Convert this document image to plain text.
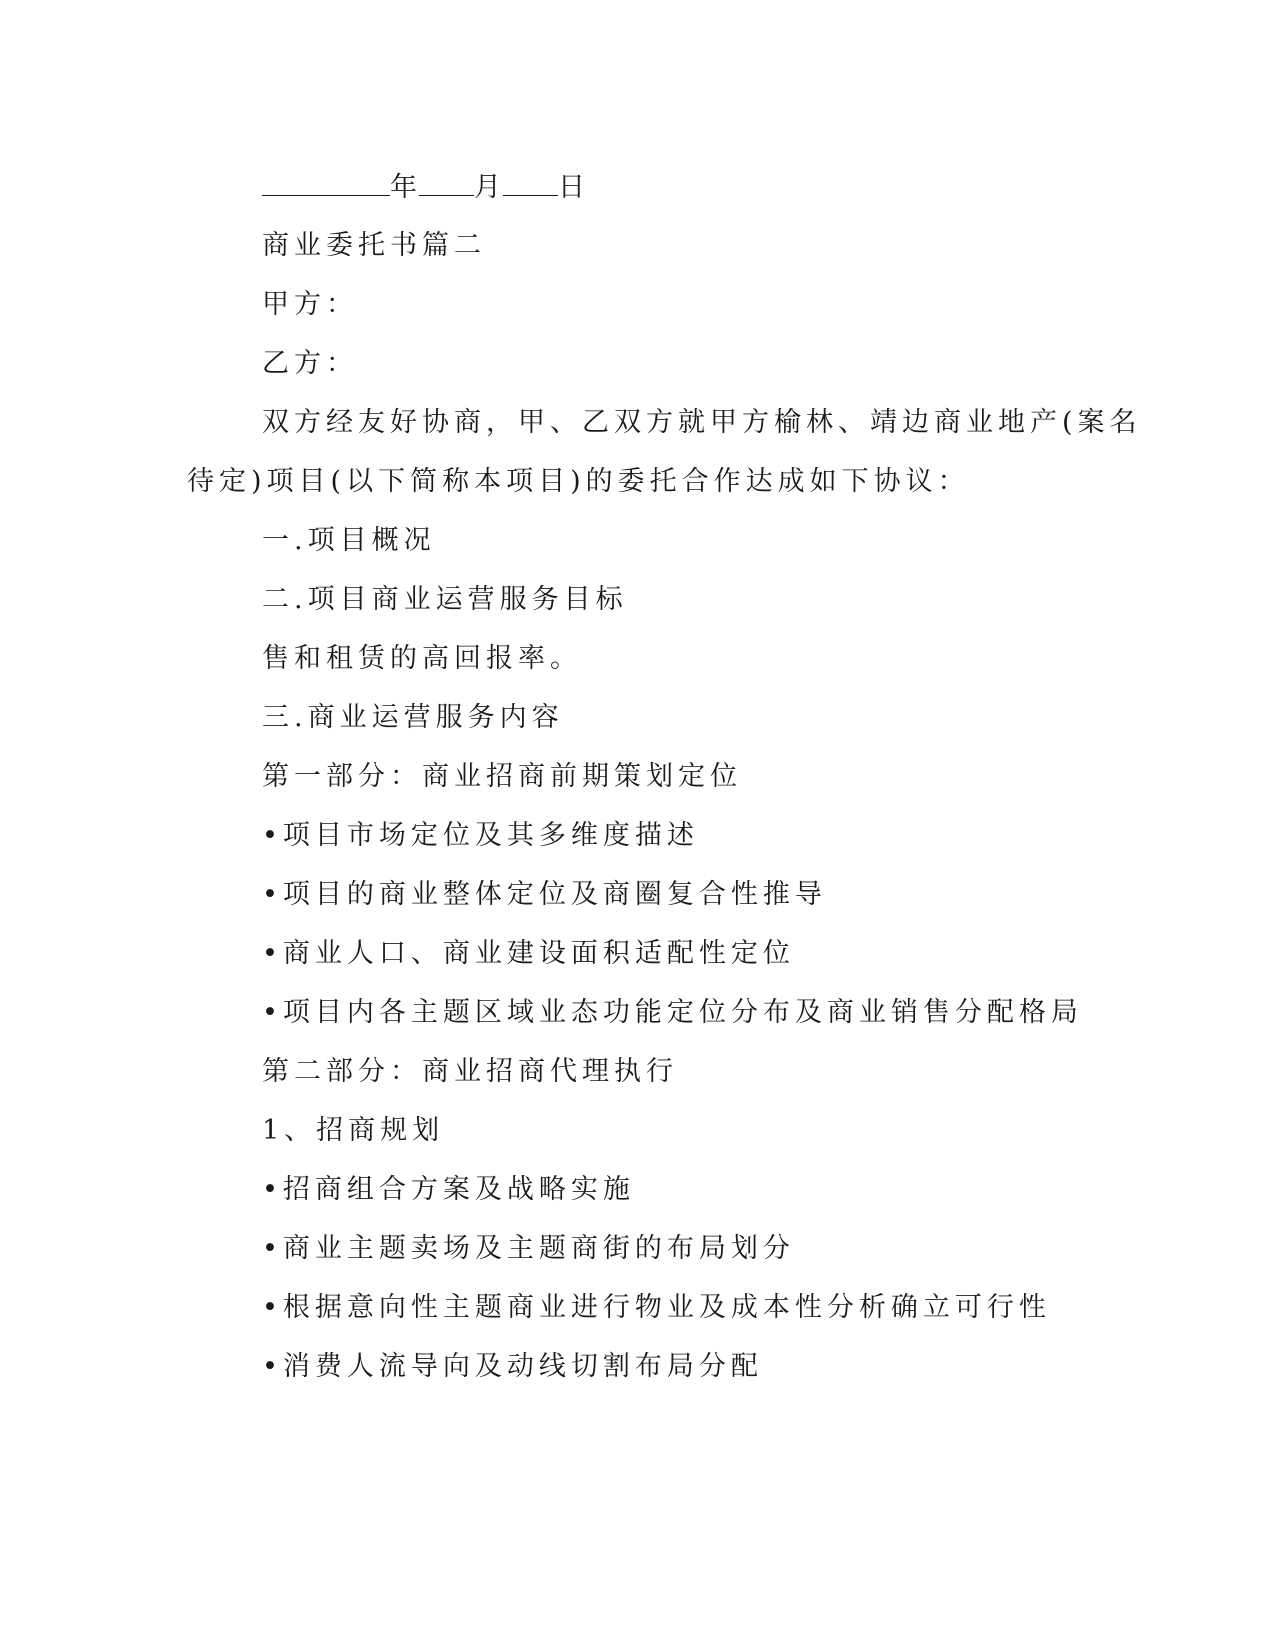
年 月 日
商业委托书篇二
甲方：
乙方：
双方经友好协商，甲、乙双方就甲方榆林、靖边商业地产(案名
待定)项目(以下简称本项目)的委托合作达成如下协议：
一.项目概况
二.项目商业运营服务目标
售和租赁的高回报率。
三.商业运营服务内容
第一部分：商业招商前期策划定位
•项目市场定位及其多维度描述
•项目的商业整体定位及商圈复合性推导
•商业人口、商业建设面积适配性定位
•项目内各主题区域业态功能定位分布及商业销售分配格局
第二部分：商业招商代理执行
1、招商规划
•招商组合方案及战略实施
•商业主题卖场及主题商街的布局划分
•根据意向性主题商业进行物业及成本性分析确立可行性
•消费人流导向及动线切割布局分配
